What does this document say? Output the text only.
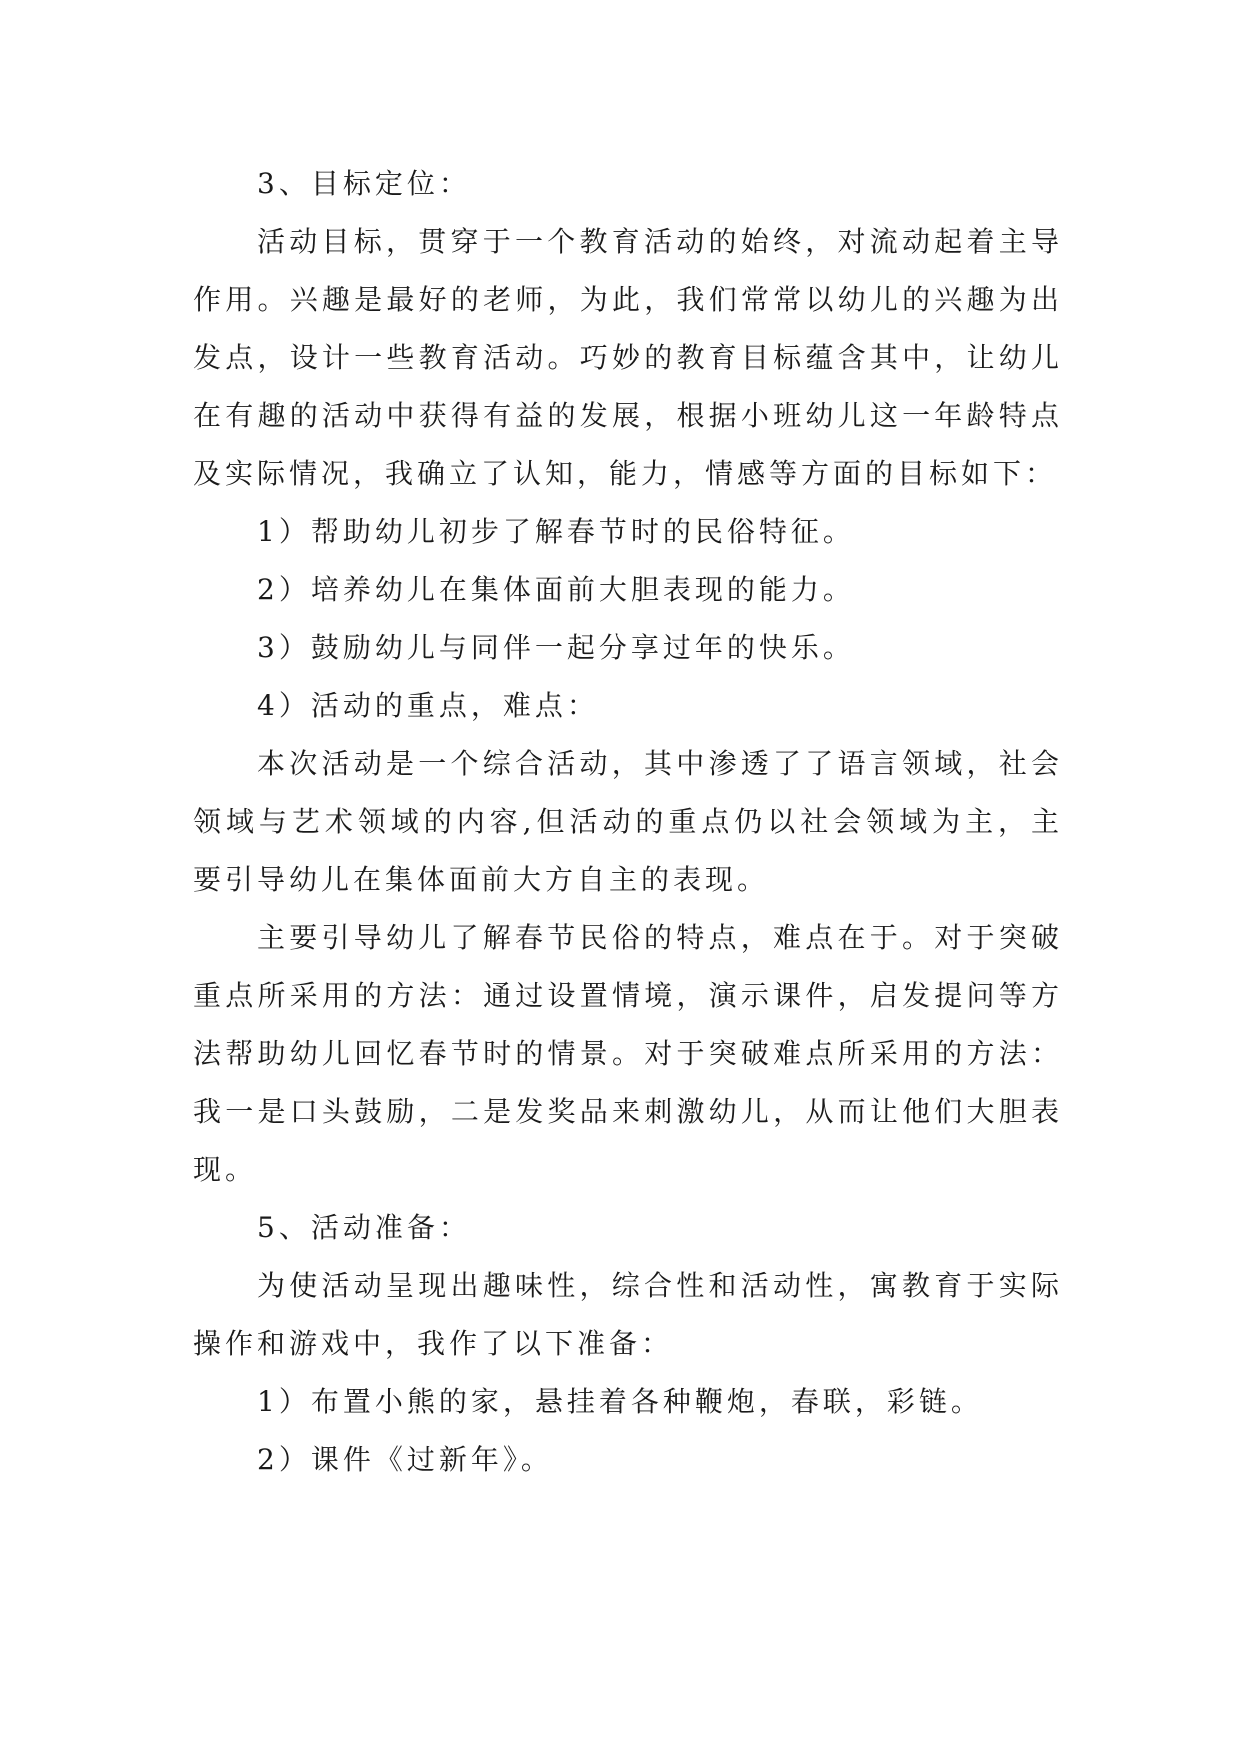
3、目标定位：

活动目标，贯穿于一个教育活动的始终，对流动起着主导作用。兴趣是最好的老师，为此，我们常常以幼儿的兴趣为出发点，设计一些教育活动。巧妙的教育目标蕴含其中，让幼儿在有趣的活动中获得有益的发展，根据小班幼儿这一年龄特点及实际情况，我确立了认知，能力，情感等方面的目标如下：

1）帮助幼儿初步了解春节时的民俗特征。

2）培养幼儿在集体面前大胆表现的能力。

3）鼓励幼儿与同伴一起分享过年的快乐。

4）活动的重点，难点：

本次活动是一个综合活动，其中渗透了了语言领域，社会领域与艺术领域的内容,但活动的重点仍以社会领域为主，主要引导幼儿在集体面前大方自主的表现。

主要引导幼儿了解春节民俗的特点，难点在于。对于突破重点所采用的方法：通过设置情境，演示课件，启发提问等方法帮助幼儿回忆春节时的情景。对于突破难点所采用的方法：我一是口头鼓励，二是发奖品来刺激幼儿，从而让他们大胆表现。

5、活动准备：

为使活动呈现出趣味性，综合性和活动性，寓教育于实际操作和游戏中，我作了以下准备：

1）布置小熊的家，悬挂着各种鞭炮，春联，彩链。

2）课件《过新年》。
